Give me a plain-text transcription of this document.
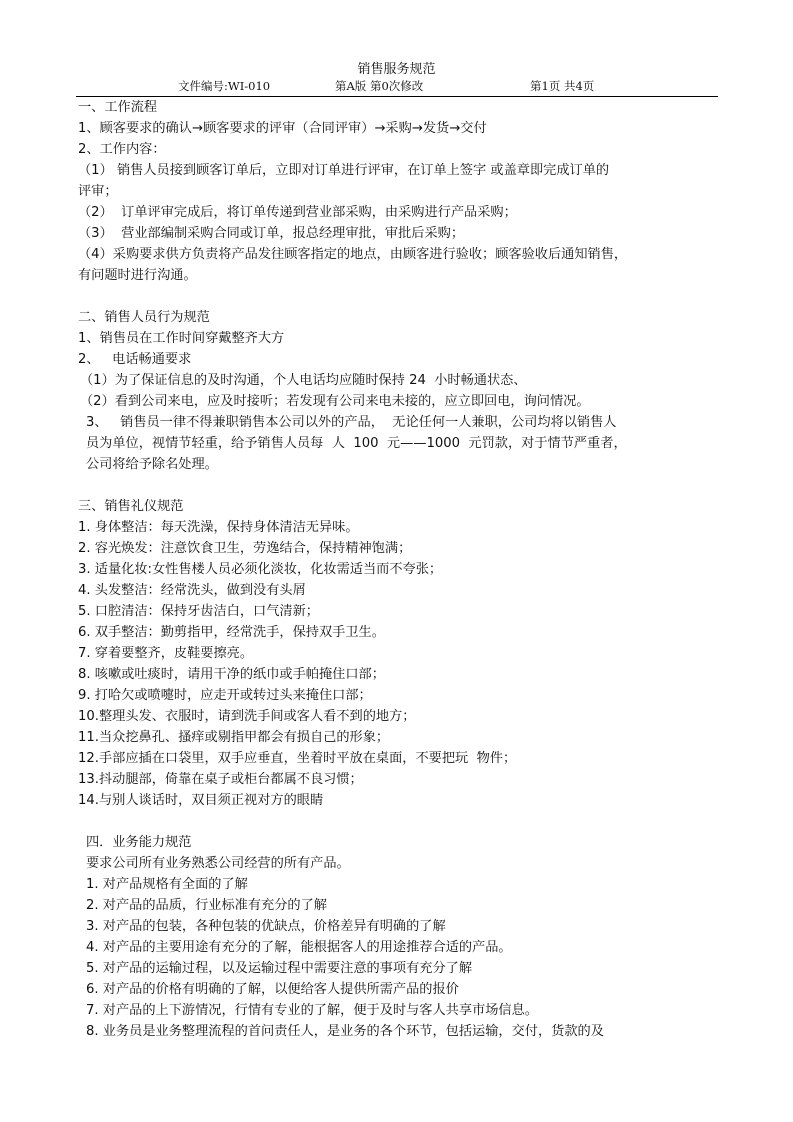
销售服务规范
文件编号:WI-010	第A版 第0次修改	第1页 共4页
一、工作流程
1、顾客要求的确认→顾客要求的评审（合同评审）→采购→发货→交付
2、工作内容：
（1） 销售人员接到顾客订单后，立即对订单进行评审，在订单上签字 或盖章即完成订单的
评审；
（2）  订单评审完成后，将订单传递到营业部采购，由采购进行产品采购；
（3）  营业部编制采购合同或订单，报总经理审批，审批后采购；
（4）采购要求供方负责将产品发往顾客指定的地点，由顾客进行验收；顾客验收后通知销售，
有问题时进行沟通。
二、销售人员行为规范
1、销售员在工作时间穿戴整齐大方
2、   电话畅通要求
（1）为了保证信息的及时沟通，个人电话均应随时保持 24  小时畅通状态、
（2）看到公司来电，应及时接听；若发现有公司来电未接的，应立即回电，询问情况。
3、   销售员一律不得兼职销售本公司以外的产品，  无论任何一人兼职，公司均将以销售人
员为单位，视情节轻重，给予销售人员每  人  100  元——1000  元罚款，对于情节严重者，
公司将给予除名处理。
三、销售礼仪规范
1. 身体整洁：每天洗澡，保持身体清洁无异味。
2. 容光焕发：注意饮食卫生，劳逸结合，保持精神饱满；
3. 适量化妆:女性售楼人员必须化淡妆，化妆需适当而不夸张；
4. 头发整洁：经常洗头，做到没有头屑
5. 口腔清洁：保持牙齿洁白，口气清新；
6. 双手整洁：勤剪指甲，经常洗手，保持双手卫生。
7. 穿着要整齐，皮鞋要擦亮。
8. 咳嗽或吐痰时，请用干净的纸巾或手帕掩住口部；
9. 打哈欠或喷嚏时，应走开或转过头来掩住口部；
10.整理头发、衣服时，请到洗手间或客人看不到的地方；
11.当众挖鼻孔、搔痒或剔指甲都会有损自己的形象；
12.手部应插在口袋里，双手应垂直，坐着时平放在桌面，不要把玩  物件；
13.抖动腿部，倚靠在桌子或柜台都属不良习惯；
14.与别人谈话时，双目须正视对方的眼睛
四．业务能力规范
要求公司所有业务熟悉公司经营的所有产品。
1. 对产品规格有全面的了解
2. 对产品的品质，行业标准有充分的了解
3. 对产品的包装，各种包装的优缺点，价格差异有明确的了解
4. 对产品的主要用途有充分的了解，能根据客人的用途推荐合适的产品。
5. 对产品的运输过程，以及运输过程中需要注意的事项有充分了解
6. 对产品的价格有明确的了解，以便给客人提供所需产品的报价
7. 对产品的上下游情况，行情有专业的了解，便于及时与客人共享市场信息。
8. 业务员是业务整理流程的首问责任人，是业务的各个环节，包括运输，交付，货款的及
